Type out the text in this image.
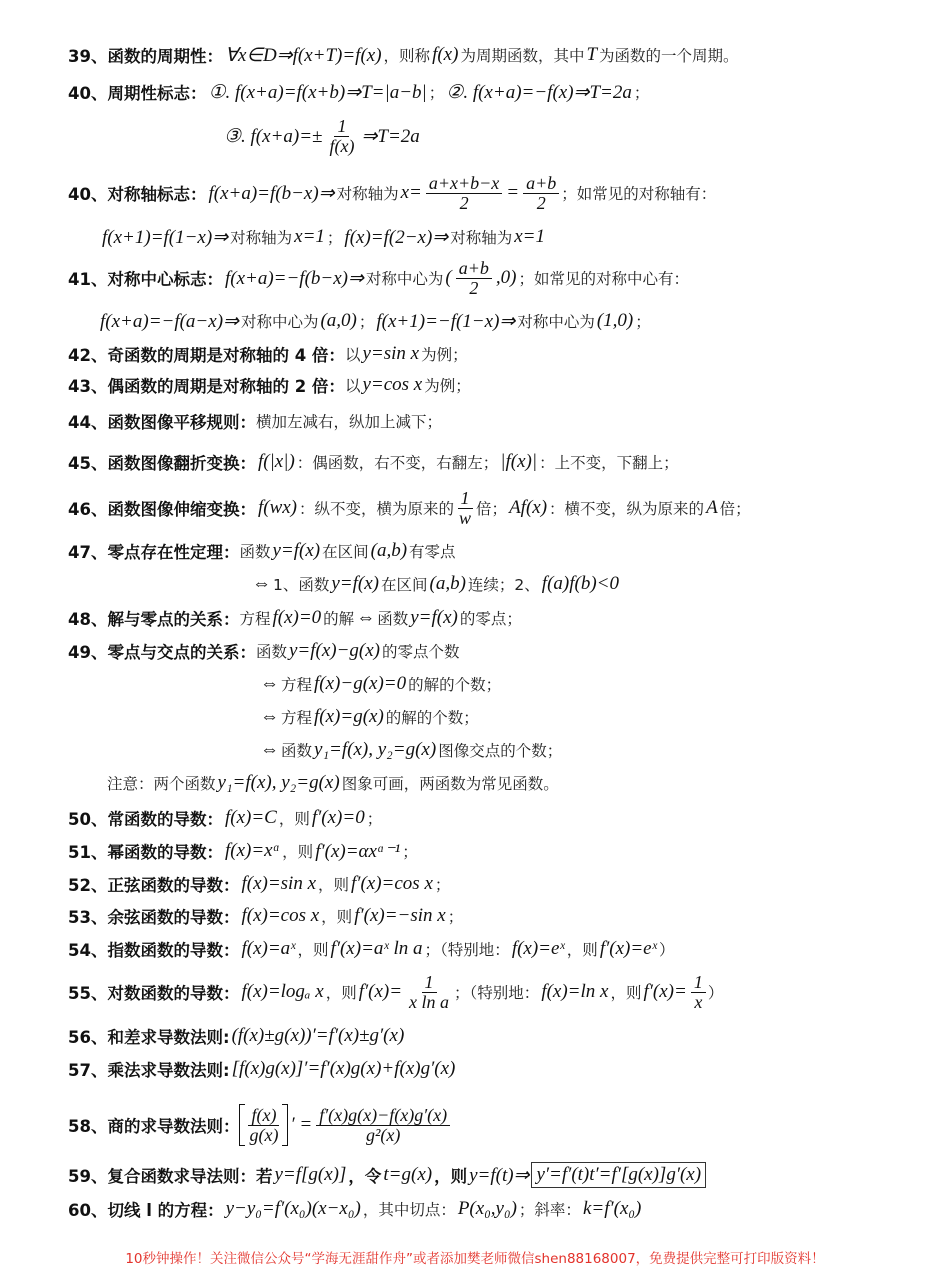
39、函数的周期性： ∀x∈D⇒f(x+T)=f(x) ，则称 f(x) 为周期函数，其中 T 为函数的一个周期。
40、周期性标志： ①. f(x+a)=f(x+b)⇒T=|a−b| ； ②. f(x+a)=−f(x)⇒T=2a ；
③. $f(x+a)=\pm \frac{1}{f(x)}$ ⇒T=2a
40、对称轴标志： f(x+a)=f(b−x)⇒ 对称轴为 $x= \frac{a+x+b-x}{2} = \frac{a+b}{2}$ ；如常见的对称轴有：
f(x+1)=f(1−x)⇒ 对称轴为 x=1 ； f(x)=f(2−x)⇒ 对称轴为 x=1
41、对称中心标志： f(x+a)=−f(b−x)⇒ 对称中心为 ( $\frac{a+b}{2} ,0$) ；如常见的对称中心有：
f(x+a)=−f(a−x)⇒ 对称中心为 (a,0) ； f(x+1)=−f(1−x)⇒ 对称中心为 (1,0) ；
42、奇函数的周期是对称轴的 4 倍： 以 y=sin x 为例；
43、偶函数的周期是对称轴的 2 倍： 以 y=cos x 为例；
44、函数图像平移规则： 横加左减右，纵加上减下；
45、函数图像翻折变换： f(|x|) ：偶函数，右不变，右翻左； |f(x)| ：上不变，下翻上；
46、函数图像伸缩变换： f(wx) ：纵不变，横为原来的 $\frac{1}{w}$ 倍； Af(x) ：横不变，纵为原来的 A 倍；
47、零点存在性定理： 函数 y=f(x) 在区间 (a,b) 有零点
⇔ 1、函数 y=f(x) 在区间 (a,b) 连续；2、 f(a)f(b)<0
48、解与零点的关系： 方程 f(x)=0 的解 ⇔ 函数 y=f(x) 的零点；
49、零点与交点的关系： 函数 y=f(x)−g(x) 的零点个数
⇔ 方程 f(x)−g(x)=0 的解的个数；
⇔ 方程 f(x)=g(x) 的解的个数；
⇔ 函数 y₁=f(x), y₂=g(x) 图像交点的个数；
注意：两个函数 y₁=f(x), y₂=g(x) 图象可画，两函数为常见函数。
50、常函数的导数： f(x)=C ，则 f′(x)=0 ；
51、幂函数的导数： f(x)=xᵅ ，则 f′(x)=αxᵅ⁻¹ ；
52、正弦函数的导数： f(x)=sin x ，则 f′(x)=cos x ；
53、余弦函数的导数： f(x)=cos x ，则 f′(x)=−sin x ；
54、指数函数的导数： f(x)=aˣ ，则 f′(x)=aˣ ln a ；（特别地： f(x)=eˣ ，则 f′(x)=eˣ ）
55、对数函数的导数： f(x)=logₐ x ，则 $f'(x)= \frac{1}{\text{x ln a}}$ ；（特别地： f(x)=ln x ，则 $f'(x)= \frac{1}{x}$ ）
56、和差求导数法则: (f(x)±g(x))′=f′(x)±g′(x)
57、乘法求导数法则: [f(x)g(x)]′=f′(x)g(x)+f(x)g′(x)
58、商的求导数法则： $\frac{f(x)}{g(x)}$ ′ = $\frac{f'(x)g(x)-f(x)g'(x)}{\text{g²(x)}}$
59、复合函数求导法则：若 y=f[g(x)] ，令 t=g(x) ，则 y=f(t)⇒ y′=f′(t)t′=f′[g(x)]g′(x)
60、切线 l 的方程： y−y₀=f′(x₀)(x−x₀) ，其中切点： P(x₀,y₀) ；斜率： k=f′(x₀)
10秒钟操作！关注微信公众号“学海无涯甜作舟”或者添加樊老师微信shen88168007，免费提供完整可打印版资料！
